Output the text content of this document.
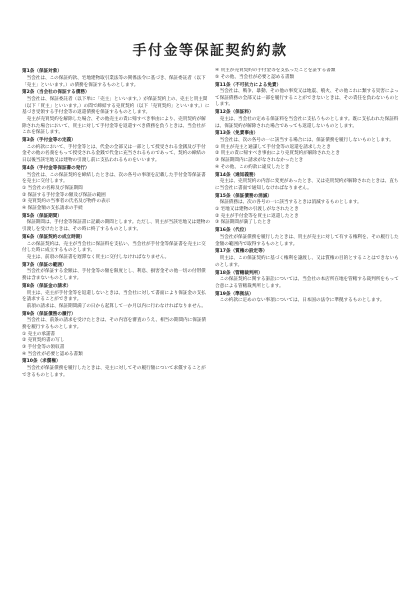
手付金等保証契約約款
第1条（保証対象）
当会社は、この保証約款、宅地建物取引業法等の関係法令に基づき、保証委託者（以下「売主」といいます。）の債務を保証するものとします。
第2条（当会社の保証する債務）
当会社は、保証委託者（以下単に「売主」といいます。）が保証契約上の、売主と買主間（以下「買主」といいます。）の間で締結する売買契約（以下「売買契約」といいます。）に基づき受領する手付金等の返還債務を保証するものとします。
売主が売買契約を解除した場合、その他売主の責に帰すべき事由により、売買契約が解除された場合において、買主に対して手付金等を返還すべき債務を負うときは、当会社がこれを保証します。
第3条（手付金等の定義）
この約款において、手付金等とは、代金の全部又は一部として授受される金銭及び手付金その他の名義をもって授受される金銭で代金に充当されるものであって、契約の締結の日以後当該宅地又は建物の引渡し前に支払われるものをいいます。
第4条（手付金等保証書の発行）
当会社は、この保証契約を締結したときは、次の各号の事項を記載した手付金等保証書を売主に交付します。
① 当会社の名称及び保証期間
② 保証する手付金等の額及び保証の範囲
③ 売買契約の当事者の氏名及び物件の表示
④ 保証金額の支払請求の手続
第5条（保証期間）
保証期間は、手付金等保証書に記載の期間とします。ただし、買主が当該宅地又は建物の引渡しを受けたときは、その時に終了するものとします。
第6条（保証契約の成立時期）
この保証契約は、売主が当会社に保証料を支払い、当会社が手付金等保証書を売主に交付した時に成立するものとします。
売主は、前項の保証書を遅滞なく買主に交付しなければなりません。
第7条（保証の範囲）
当会社が保証する金額は、手付金等の額を限度とし、利息、損害金その他一切の付帯債務は含まないものとします。
第8条（保証金の請求）
買主は、売主が手付金等を返還しないときは、当会社に対して書面により保証金の支払を請求することができます。
前項の請求は、保証期間満了の日から起算して一か月以内に行わなければなりません。
第9条（保証債務の履行）
当会社は、前条の請求を受けたときは、その内容を審査のうえ、相当の期間内に保証債務を履行するものとします。
① 売主の承諾書
② 売買契約書の写し
③ 手付金等の領収書
④ 当会社が必要と認める書類
第10条（求償権）
当会社が保証債務を履行したときは、売主に対してその履行額について求償することができるものとします。
④ 買主が売買契約の手付金等を支払ったことを証する書類
⑤ その他、当会社が必要と認める書類
第11条（不可抗力による免責）
当会社は、戦争、暴動、その他の事変又は地震、噴火、その他これに類する災害によって保証債務の全部又は一部を履行することができないときは、その責任を負わないものとします。
第12条（保証料）
売主は、当会社の定める保証料を当会社に支払うものとします。既に支払われた保証料は、保証契約が解除された場合であっても返還しないものとします。
第13条（免責事由）
当会社は、次の各号の一に該当する場合には、保証債務を履行しないものとします。
① 買主が売主と通謀して手付金等の返還を請求したとき
② 買主の責に帰すべき事由により売買契約が解除されたとき
③ 保証期間内に請求がなされなかったとき
④ その他、この約款に違反したとき
第14条（通知義務）
売主は、売買契約の内容に変更があったとき、又は売買契約が解除されたときは、直ちに当会社に書面で通知しなければなりません。
第15条（保証債務の消滅）
保証債務は、次の各号の一に該当するときは消滅するものとします。
① 宅地又は建物の引渡しがなされたとき
② 売主が手付金等を買主に返還したとき
③ 保証期間が満了したとき
第16条（代位）
当会社が保証債務を履行したときは、買主が売主に対して有する権利を、その履行した金額の範囲内で取得するものとします。
第17条（質権の設定等）
買主は、この保証契約に基づく権利を譲渡し、又は質権の目的とすることはできないものとします。
第18条（管轄裁判所）
この保証契約に関する訴訟については、当会社の本店所在地を管轄する裁判所をもって合意による管轄裁判所とします。
第19条（準拠法）
この約款に定めのない事項については、日本国の法令に準拠するものとします。
